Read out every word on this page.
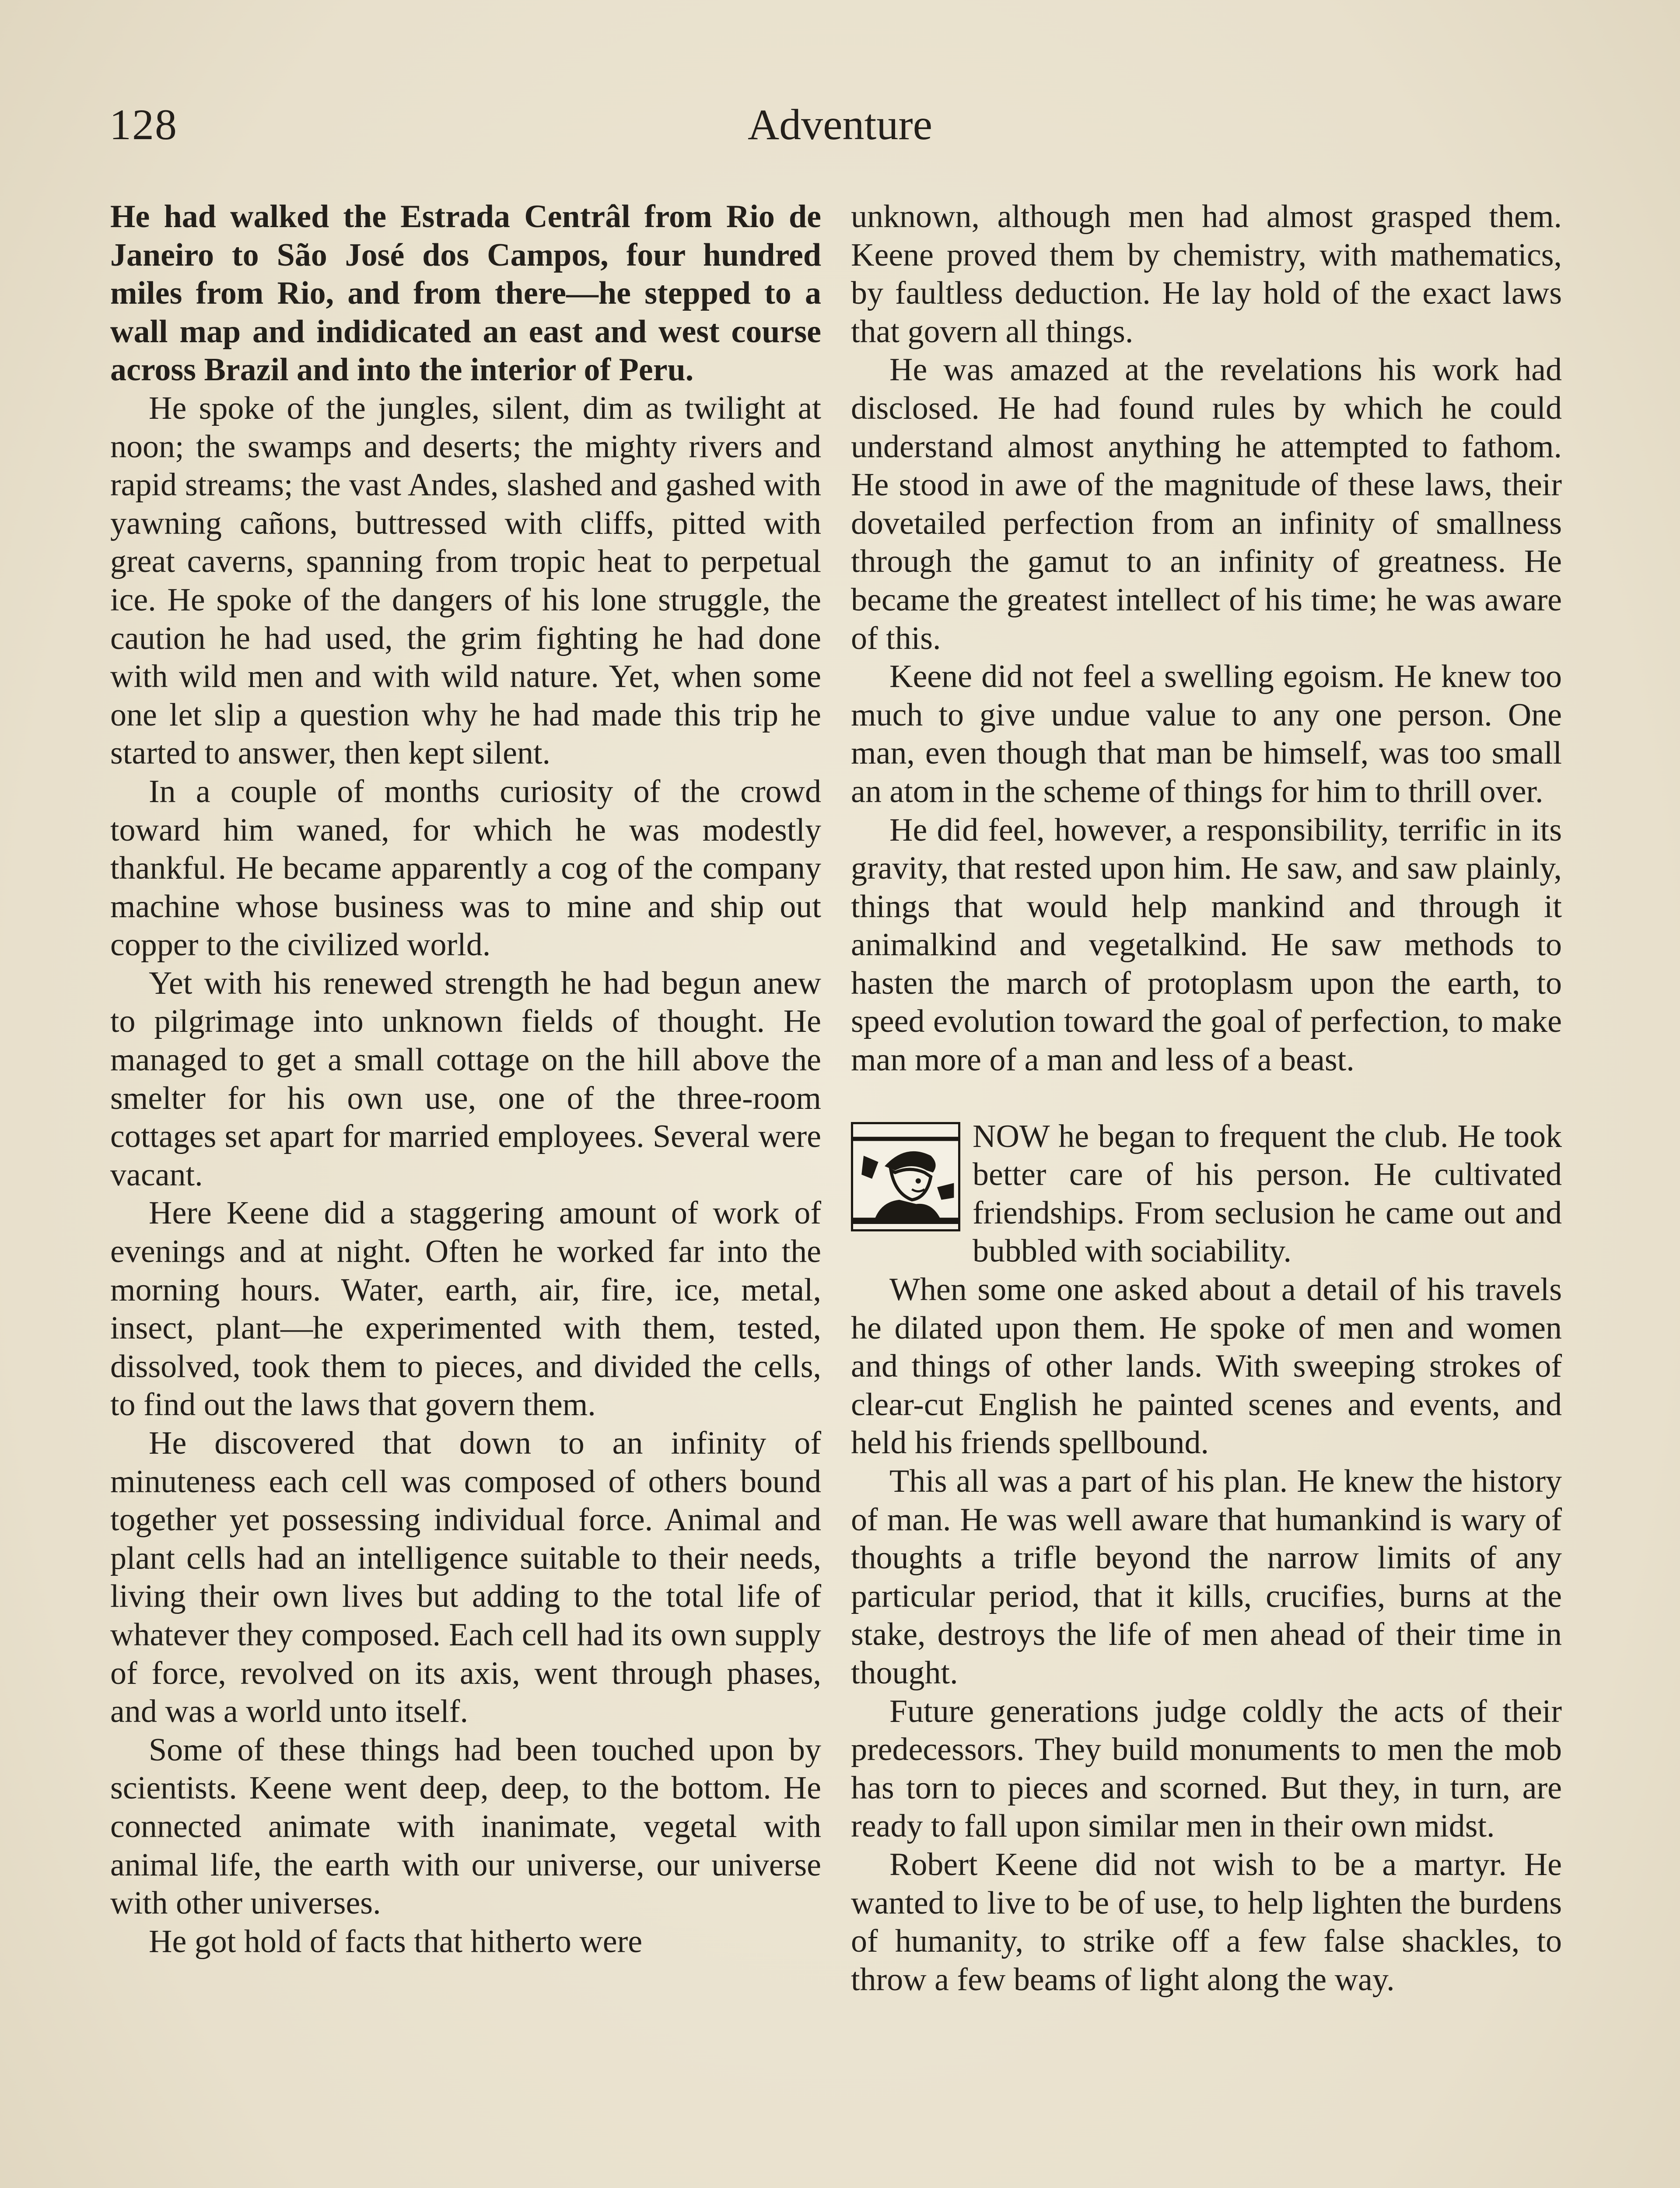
128	Adventure

He had walked the Estrada Centrâl from Rio de Janeiro to São José dos Campos, four hundred miles from Rio, and from there—he stepped to a wall map and indidicated an east and west course across Brazil and into the interior of Peru.

He spoke of the jungles, silent, dim as twilight at noon; the swamps and deserts; the mighty rivers and rapid streams; the vast Andes, slashed and gashed with yawning cañons, buttressed with cliffs, pitted with great caverns, spanning from tropic heat to perpetual ice. He spoke of the dangers of his lone struggle, the caution he had used, the grim fighting he had done with wild men and with wild nature. Yet, when some one let slip a question why he had made this trip he started to answer, then kept silent.

In a couple of months curiosity of the crowd toward him waned, for which he was modestly thankful. He became apparently a cog of the company machine whose business was to mine and ship out copper to the civilized world.

Yet with his renewed strength he had begun anew to pilgrimage into unknown fields of thought. He managed to get a small cottage on the hill above the smelter for his own use, one of the three-room cottages set apart for married employees. Several were vacant.

Here Keene did a staggering amount of work of evenings and at night. Often he worked far into the morning hours. Water, earth, air, fire, ice, metal, insect, plant—he experimented with them, tested, dissolved, took them to pieces, and divided the cells, to find out the laws that govern them.

He discovered that down to an infinity of minuteness each cell was composed of others bound together yet possessing individual force. Animal and plant cells had an intelligence suitable to their needs, living their own lives but adding to the total life of whatever they composed. Each cell had its own supply of force, revolved on its axis, went through phases, and was a world unto itself.

Some of these things had been touched upon by scientists. Keene went deep, deep, to the bottom. He connected animate with inanimate, vegetal with animal life, the earth with our universe, our universe with other universes.

He got hold of facts that hitherto were

unknown, although men had almost grasped them. Keene proved them by chemistry, with mathematics, by faultless deduction. He lay hold of the exact laws that govern all things.

He was amazed at the revelations his work had disclosed. He had found rules by which he could understand almost anything he attempted to fathom. He stood in awe of the magnitude of these laws, their dovetailed perfection from an infinity of smallness through the gamut to an infinity of greatness. He became the greatest intellect of his time; he was aware of this.

Keene did not feel a swelling egoism. He knew too much to give undue value to any one person. One man, even though that man be himself, was too small an atom in the scheme of things for him to thrill over.

He did feel, however, a responsibility, terrific in its gravity, that rested upon him. He saw, and saw plainly, things that would help mankind and through it animalkind and vegetalkind. He saw methods to hasten the march of protoplasm upon the earth, to speed evolution toward the goal of perfection, to make man more of a man and less of a beast.

NOW he began to frequent the club. He took better care of his person. He cultivated friendships. From seclusion he came out and bubbled with sociability.

When some one asked about a detail of his travels he dilated upon them. He spoke of men and women and things of other lands. With sweeping strokes of clear-cut English he painted scenes and events, and held his friends spellbound.

This all was a part of his plan. He knew the history of man. He was well aware that humankind is wary of thoughts a trifle beyond the narrow limits of any particular period, that it kills, crucifies, burns at the stake, destroys the life of men ahead of their time in thought.

Future generations judge coldly the acts of their predecessors. They build monuments to men the mob has torn to pieces and scorned. But they, in turn, are ready to fall upon similar men in their own midst.

Robert Keene did not wish to be a martyr. He wanted to live to be of use, to help lighten the burdens of humanity, to strike off a few false shackles, to throw a few beams of light along the way.
